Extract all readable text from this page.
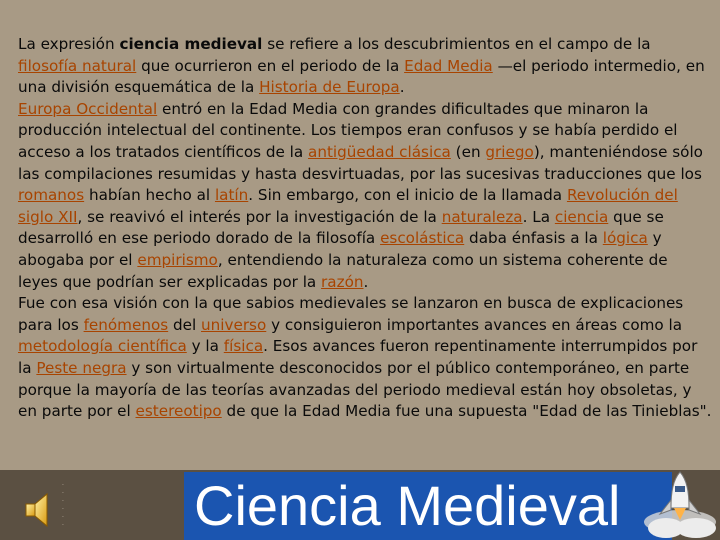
La expresión ciencia medieval se refiere a los descubrimientos en el campo de la filosofía natural que ocurrieron en el periodo de la Edad Media —el periodo intermedio, en una división esquemática de la Historia de Europa.

Europa Occidental entró en la Edad Media con grandes dificultades que minaron la producción intelectual del continente. Los tiempos eran confusos y se había perdido el acceso a los tratados científicos de la antigüedad clásica (en griego), manteniéndose sólo las compilaciones resumidas y hasta desvirtuadas, por las sucesivas traducciones que los romanos habían hecho al latín. Sin embargo, con el inicio de la llamada Revolución del siglo XII, se reavivó el interés por la investigación de la naturaleza. La ciencia que se desarrolló en ese periodo dorado de la filosofía escolástica daba énfasis a la lógica y abogaba por el empirismo, entendiendo la naturaleza como un sistema coherente de leyes que podrían ser explicadas por la razón.

Fue con esa visión con la que sabios medievales se lanzaron en busca de explicaciones para los fenómenos del universo y consiguieron importantes avances en áreas como la metodología científica y la física. Esos avances fueron repentinamente interrumpidos por la Peste negra y son virtualmente desconocidos por el público contemporáneo, en parte porque la mayoría de las teorías avanzadas del periodo medieval están hoy obsoletas, y en parte por el estereotipo de que la Edad Media fue una supuesta "Edad de las Tinieblas".

·
·
·
·
·
· Ciencia Medieval
